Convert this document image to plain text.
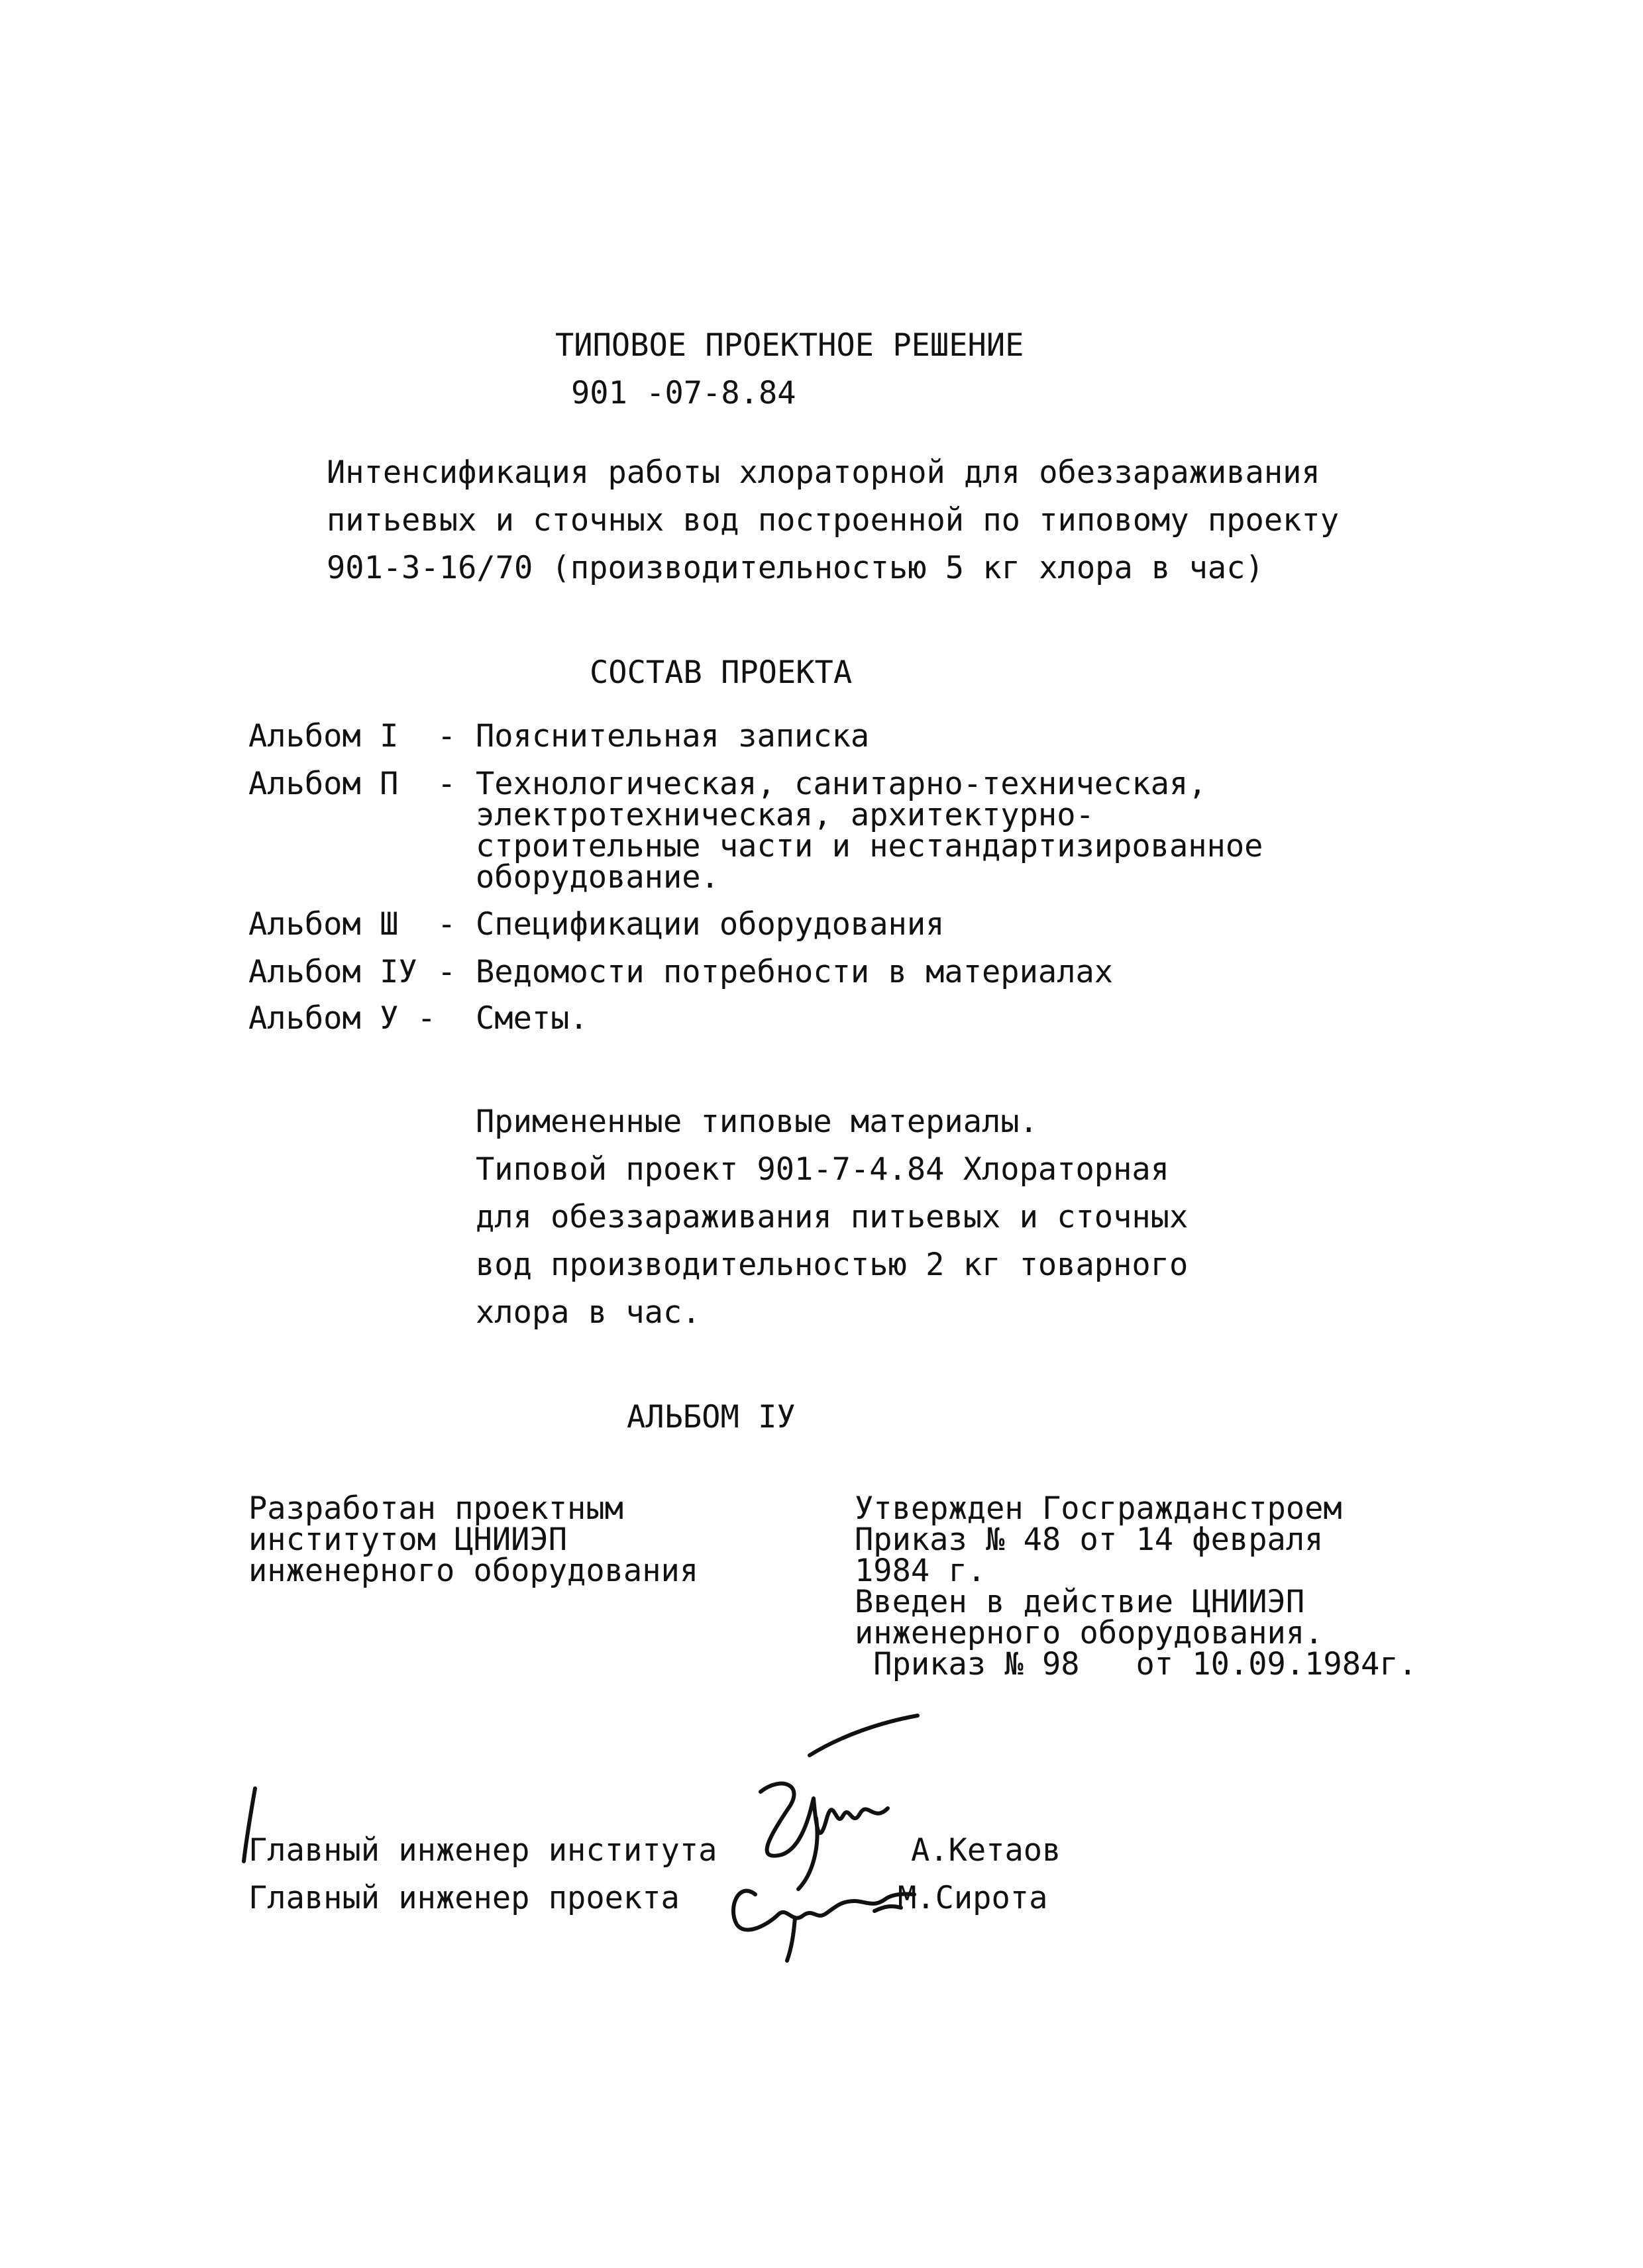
ТИПОВОЕ ПРОЕКТНОЕ РЕШЕНИЕ
901 -07-8.84
Интенсификация работы хлораторной для обеззараживания
питьевых и сточных вод построенной по типовому проекту
901-3-16/70 (производительностью 5 кг хлора в час)
СОСТАВ ПРОЕКТА
Альбом I - Пояснительная записка
Альбом П - Технологическая, санитарно-техническая,
электротехническая, архитектурно-
строительные части и нестандартизированное
оборудование.
Альбом Ш - Спецификации оборудования
Альбом IУ - Ведомости потребности в материалах
Альбом У - Сметы.
Примененные типовые материалы.
Типовой проект 901-7-4.84 Хлораторная
для обеззараживания питьевых и сточных
вод производительностью 2 кг товарного
хлора в час.
АЛЬБОМ IУ
Разработан проектным
институтом ЦНИИЭП
инженерного оборудования
Утвержден Госгражданстроем
Приказ № 48 от 14 февраля
1984 г.
Введен в действие ЦНИИЭП
инженерного оборудования.
Приказ № 98   от 10.09.1984г.
Главный инженер института	А.Кетаов
Главный инженер проекта	М.Сирота
